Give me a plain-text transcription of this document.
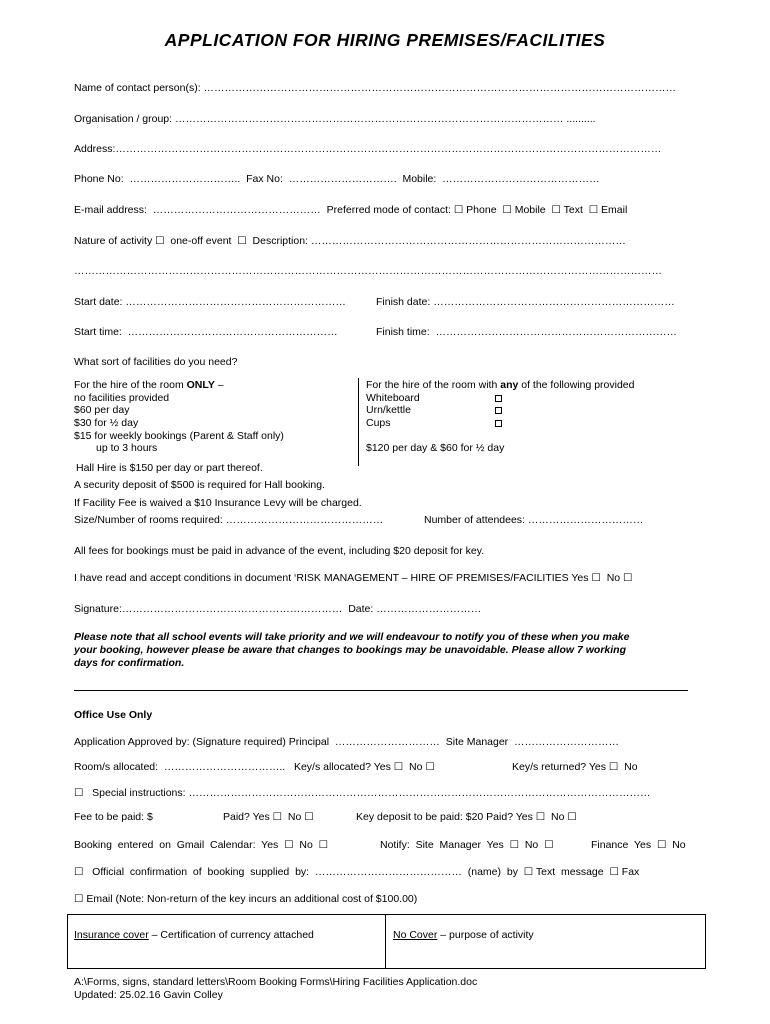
APPLICATION FOR HIRING PREMISES/FACILITIES
Name of contact person(s): ………………………………………………………………………………………………………………………
Organisation / group: ………………………………………………………………………………………………… ..........
Address:…………………………………………………………………………………………………………………………………………
Phone No:  …………………………..  Fax No:  ………………………….  Mobile:  ………………………………………
E-mail address:  …………………………………………  Preferred mode of contact: ☐ Phone  ☐ Mobile  ☐ Text  ☐ Email
Nature of activity ☐  one-off event  ☐  Description: ………………………………………………………………………………
……………………………………………………………………………………………………………………………………………………
Start date: ………………………………………………………	Finish date: ……………………………………………………………
Start time:  ……………………………………………………	Finish time:  ……………………………………………………………
What sort of facilities do you need?
For the hire of the room ONLY –
no facilities provided
$60 per day
$30 for ½ day
$15 for weekly bookings (Parent & Staff only)
up to 3 hours
For the hire of the room with any of the following provided
Whiteboard
Urn/kettle
Cups
$120 per day & $60 for ½ day
Hall Hire is $150 per day or part thereof.
A security deposit of $500 is required for Hall booking.
If Facility Fee is waived a $10 Insurance Levy will be charged.
Size/Number of rooms required: ………………………………………	Number of attendees: ……………………………
All fees for bookings must be paid in advance of the event, including $20 deposit for key.
I have read and accept conditions in document ‘RISK MANAGEMENT – HIRE OF PREMISES/FACILITIES Yes ☐  No ☐
Signature:………………………………………………………  Date: …………………………
Please note that all school events will take priority and we will endeavour to notify you of these when you make
your booking, however please be aware that changes to bookings may be unavoidable. Please allow 7 working
days for confirmation.
Office Use Only
Application Approved by: (Signature required) Principal  …………………………  Site Manager  …………………………
Room/s allocated:  ……………………………..   Key/s allocated? Yes ☐  No ☐	Key/s returned? Yes ☐  No
☐   Special instructions: ……………………………………………………………………………………………………………………
Fee to be paid: $	Paid? Yes ☐  No ☐	Key deposit to be paid: $20 Paid? Yes ☐  No ☐
Booking  entered  on  Gmail  Calendar:  Yes  ☐  No  ☐	Notify:  Site  Manager  Yes  ☐  No  ☐	Finance  Yes  ☐  No
☐   Official  confirmation  of  booking  supplied  by:  ……………………………………  (name)  by  ☐ Text  message  ☐ Fax
☐ Email (Note: Non-return of the key incurs an additional cost of $100.00)
Insurance cover – Certification of currency attached	No Cover – purpose of activity
A:\Forms, signs, standard letters\Room Booking Forms\Hiring Facilities Application.doc
Updated: 25.02.16 Gavin Colley
